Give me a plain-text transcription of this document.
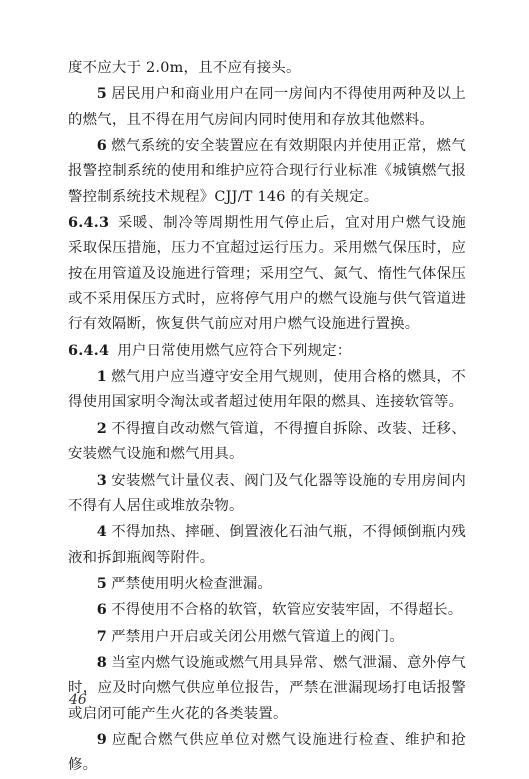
度不应大于 2.0m，且不应有接头。

5 居民用户和商业用户在同一房间内不得使用两种及以上的燃气，且不得在用气房间内同时使用和存放其他燃料。

6 燃气系统的安全装置应在有效期限内并使用正常，燃气报警控制系统的使用和维护应符合现行行业标准《城镇燃气报警控制系统技术规程》CJJ/T 146 的有关规定。

6.4.3 采暖、制冷等周期性用气停止后，宜对用户燃气设施采取保压措施，压力不宜超过运行压力。采用燃气保压时，应按在用管道及设施进行管理；采用空气、氮气、惰性气体保压或不采用保压方式时，应将停气用户的燃气设施与供气管道进行有效隔断，恢复供气前应对用户燃气设施进行置换。

6.4.4 用户日常使用燃气应符合下列规定：

1 燃气用户应当遵守安全用气规则，使用合格的燃具，不得使用国家明令淘汰或者超过使用年限的燃具、连接软管等。

2 不得擅自改动燃气管道，不得擅自拆除、改装、迁移、安装燃气设施和燃气用具。

3 安装燃气计量仪表、阀门及气化器等设施的专用房间内不得有人居住或堆放杂物。

4 不得加热、摔砸、倒置液化石油气瓶，不得倾倒瓶内残液和拆卸瓶阀等附件。

5 严禁使用明火检查泄漏。

6 不得使用不合格的软管，软管应安装牢固，不得超长。

7 严禁用户开启或关闭公用燃气管道上的阀门。

8 当室内燃气设施或燃气用具异常、燃气泄漏、意外停气时，应及时向燃气供应单位报告，严禁在泄漏现场打电话报警或启闭可能产生火花的各类装置。

9 应配合燃气供应单位对燃气设施进行检查、维护和抢修。

46
